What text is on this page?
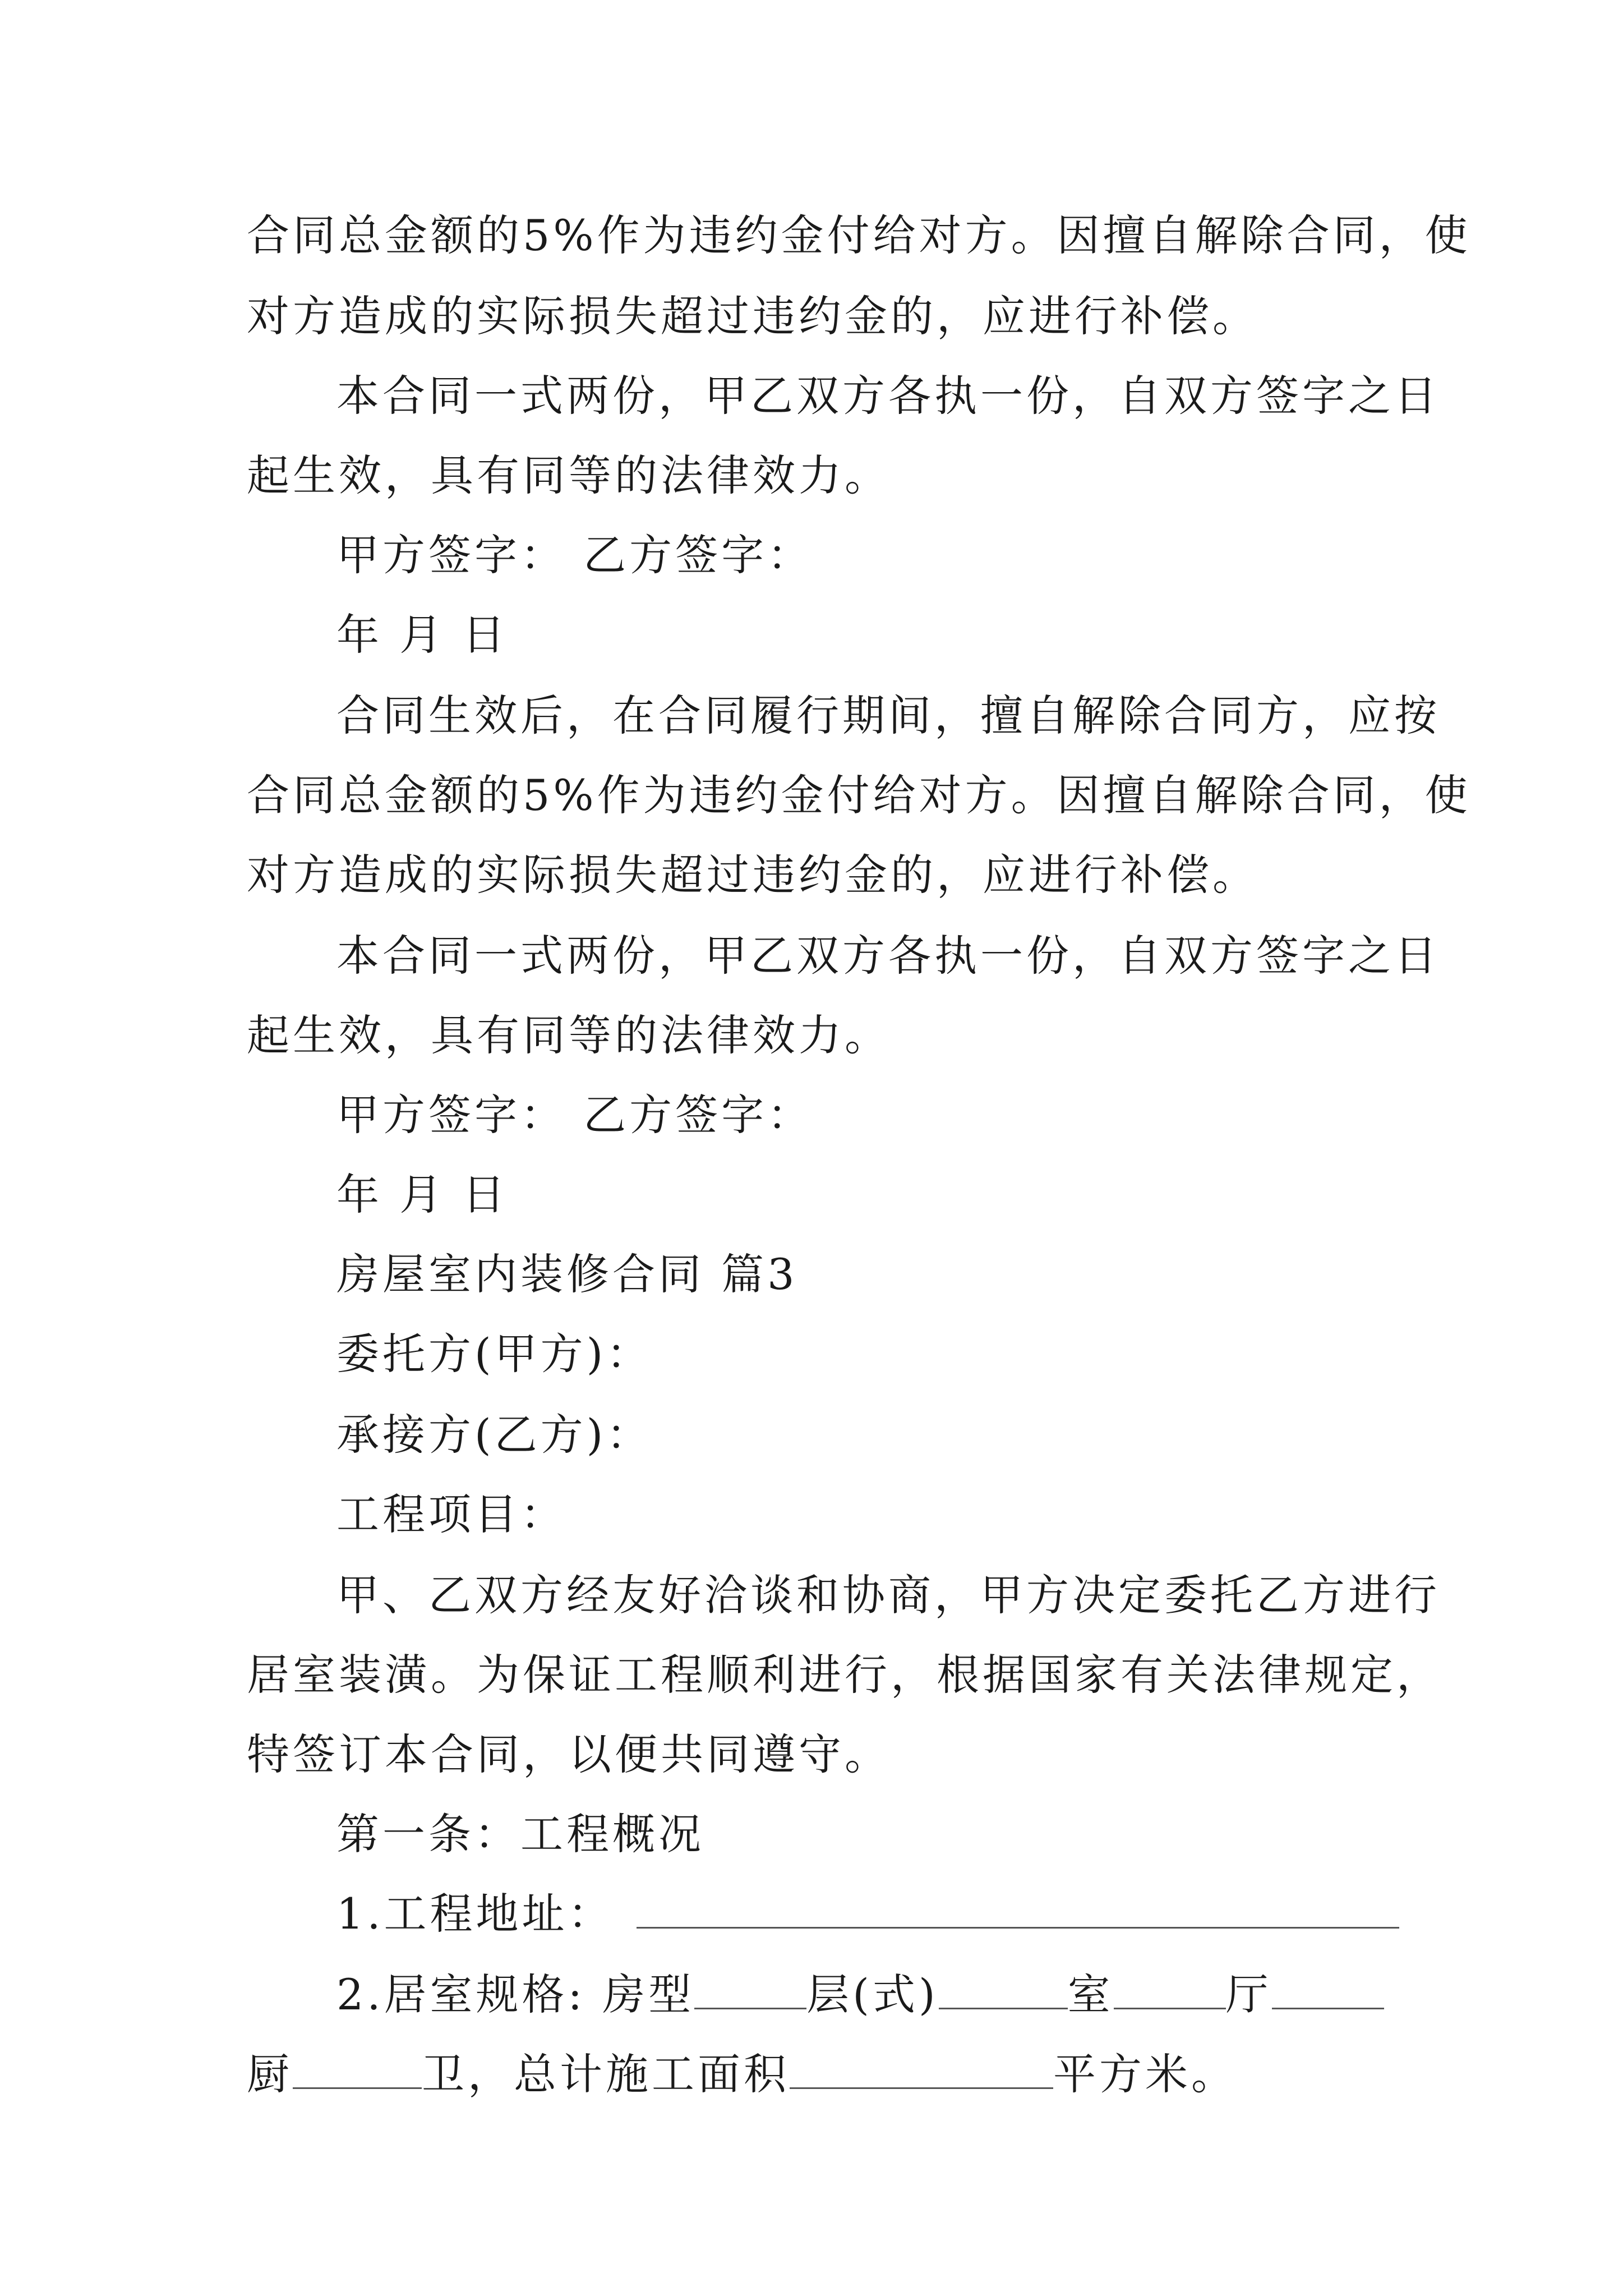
合同总金额的5%作为违约金付给对方。因擅自解除合同，使
对方造成的实际损失超过违约金的，应进行补偿。
本合同一式两份，甲乙双方各执一份，自双方签字之日
起生效，具有同等的法律效力。
甲方签字： 乙方签字：
年 月 日
合同生效后，在合同履行期间，擅自解除合同方，应按
合同总金额的5%作为违约金付给对方。因擅自解除合同，使
对方造成的实际损失超过违约金的，应进行补偿。
本合同一式两份，甲乙双方各执一份，自双方签字之日
起生效，具有同等的法律效力。
甲方签字： 乙方签字：
年 月 日
房屋室内装修合同 篇3
委托方(甲方)：
承接方(乙方)：
工程项目：
甲、乙双方经友好洽谈和协商，甲方决定委托乙方进行
居室装潢。为保证工程顺利进行，根据国家有关法律规定，
特签订本合同，以便共同遵守。
第一条：工程概况
1.工程地址：
2.居室规格: 房型	层(式)	室	厅
厨	卫，总计施工面积	平方米。
